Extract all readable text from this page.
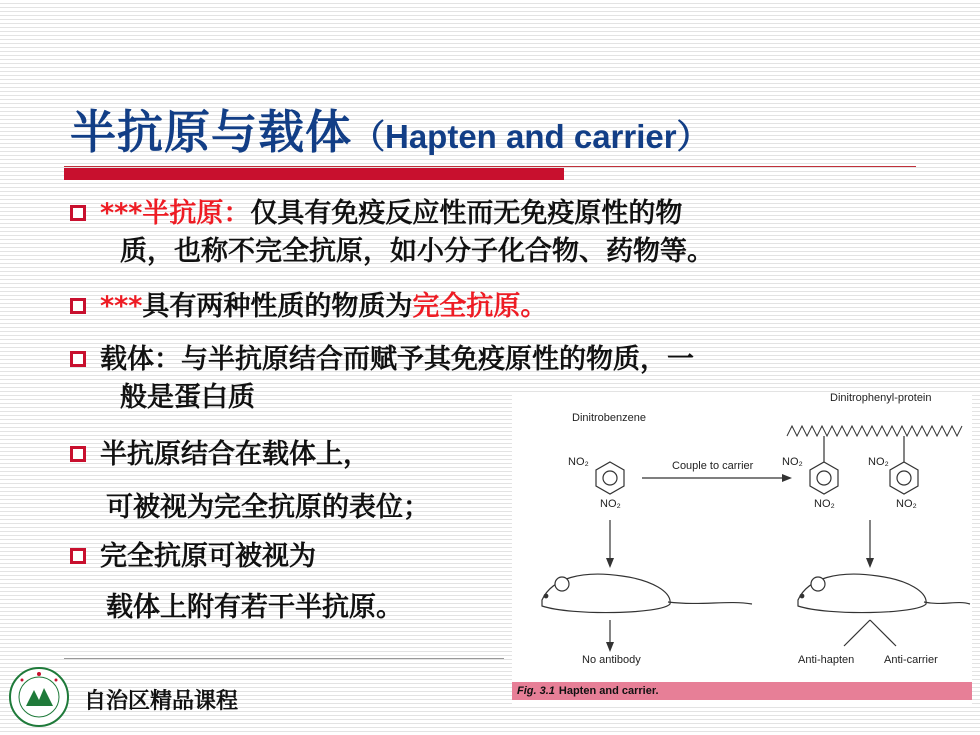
半抗原与载体（Hapten and carrier）
***半抗原：仅具有免疫反应性而无免疫原性的物
质，也称不完全抗原，如小分子化合物、药物等。
***具有两种性质的物质为完全抗原。
载体：与半抗原结合而赋予其免疫原性的物质，一
般是蛋白质
半抗原结合在载体上，
可被视为完全抗原的表位；
完全抗原可被视为
载体上附有若干半抗原。
Dinitrobenzene
Dinitrophenyl-protein
Couple to carrier
NO₂
NO₂
NO₂
NO₂
NO₂
NO₂
No antibody	Anti-hapten	Anti-carrier
Fig. 3.1 Hapten and carrier.
自治区精品课程
